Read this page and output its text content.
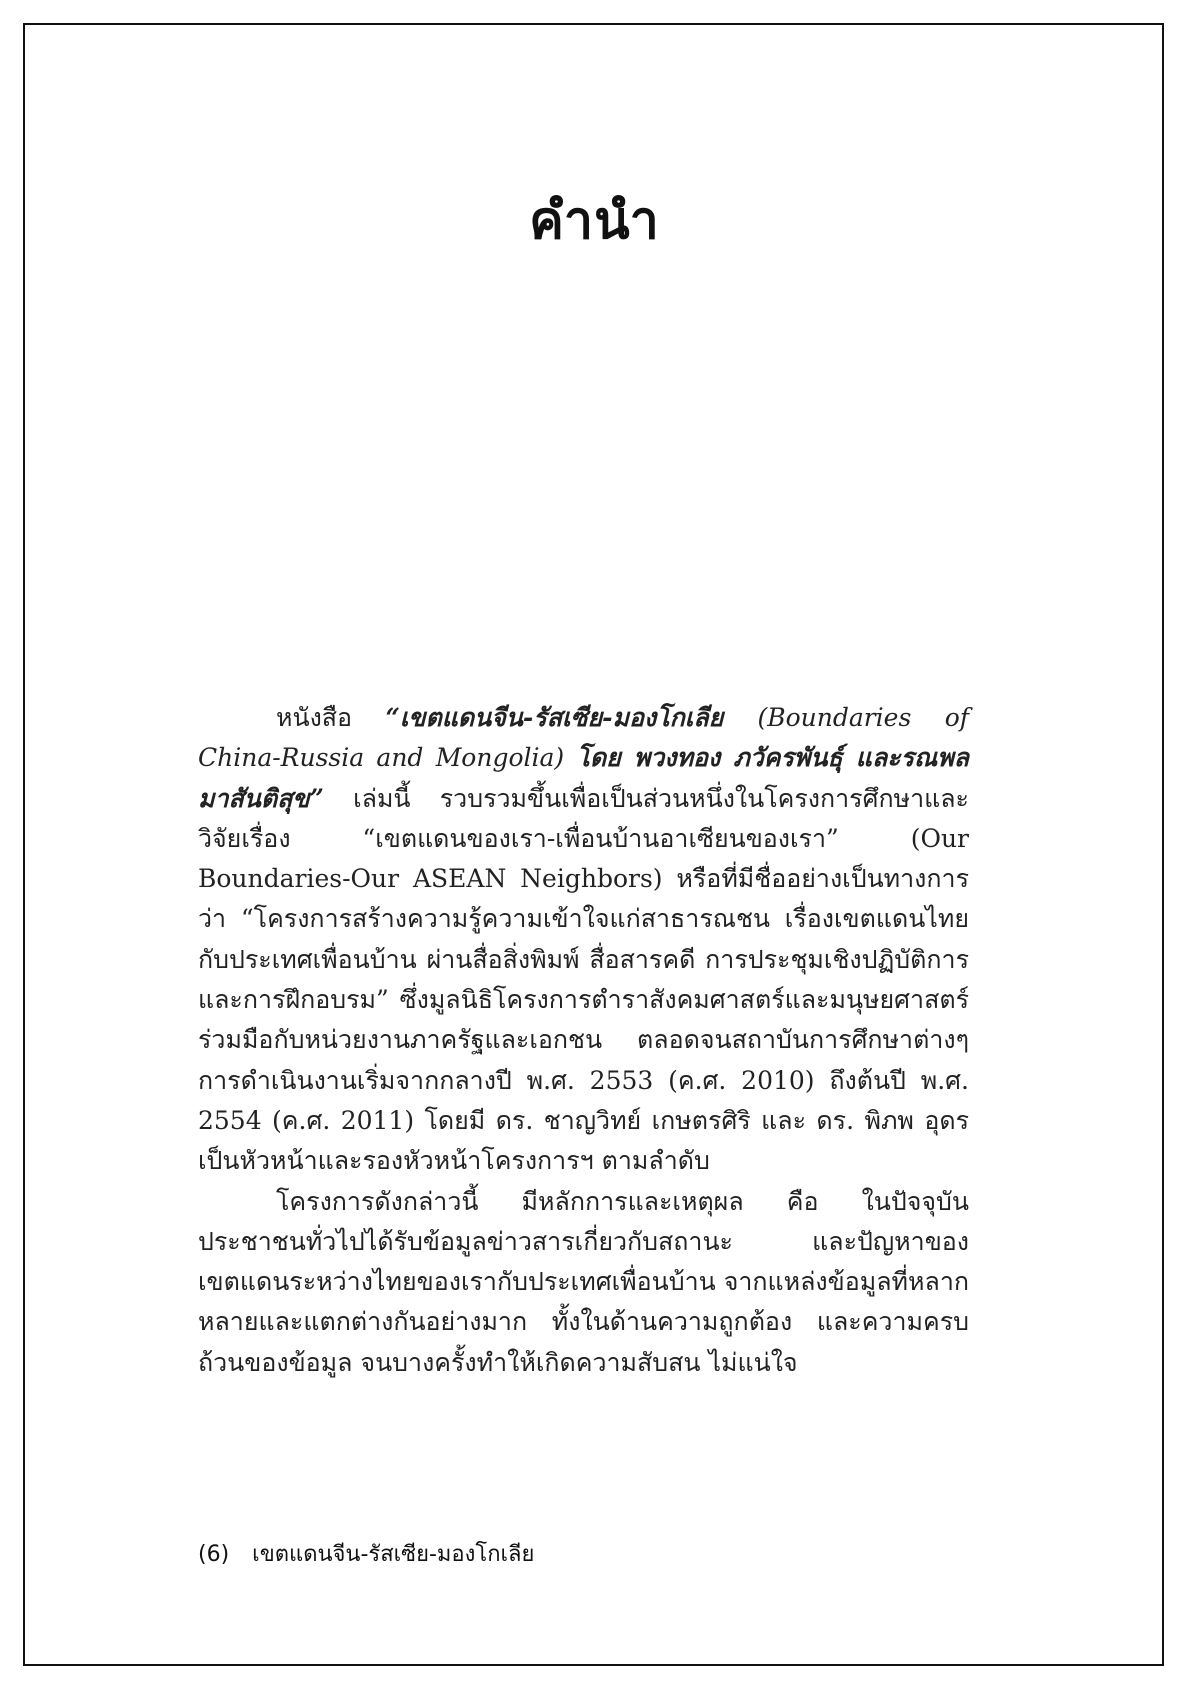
คำนำ

หนังสือ “เขตแดนจีน-รัสเซีย-มองโกเลีย (Boundaries of China-Russia and Mongolia) โดย พวงทอง ภวัครพันธุ์ และรณพล มาสันติสุข” เล่มนี้ รวบรวมขึ้นเพื่อเป็นส่วนหนึ่งในโครงการศึกษาและวิจัยเรื่อง “เขตแดนของเรา-เพื่อนบ้านอาเซียนของเรา” (Our Boundaries-Our ASEAN Neighbors) หรือที่มีชื่ออย่างเป็นทางการว่า “โครงการสร้างความรู้ความเข้าใจแก่สาธารณชน เรื่องเขตแดนไทยกับประเทศเพื่อนบ้าน ผ่านสื่อสิ่งพิมพ์ สื่อสารคดี การประชุมเชิงปฏิบัติการ และการฝึกอบรม” ซึ่งมูลนิธิโครงการตำราสังคมศาสตร์และมนุษยศาสตร์ ร่วมมือกับหน่วยงานภาครัฐและเอกชน ตลอดจนสถาบันการศึกษาต่างๆ การดำเนินงานเริ่มจากกลางปี พ.ศ. 2553 (ค.ศ. 2010) ถึงต้นปี พ.ศ. 2554 (ค.ศ. 2011) โดยมี ดร. ชาญวิทย์ เกษตรศิริ และ ดร. พิภพ อุดร เป็นหัวหน้าและรองหัวหน้าโครงการฯ ตามลำดับ

โครงการดังกล่าวนี้ มีหลักการและเหตุผล คือ ในปัจจุบันประชาชนทั่วไปได้รับข้อมูลข่าวสารเกี่ยวกับสถานะ และปัญหาของเขตแดนระหว่างไทยของเรากับประเทศเพื่อนบ้าน จากแหล่งข้อมูลที่หลากหลายและแตกต่างกันอย่างมาก ทั้งในด้านความถูกต้อง และความครบถ้วนของข้อมูล จนบางครั้งทำให้เกิดความสับสน ไม่แน่ใจ

(6) เขตแดนจีน-รัสเซีย-มองโกเลีย
